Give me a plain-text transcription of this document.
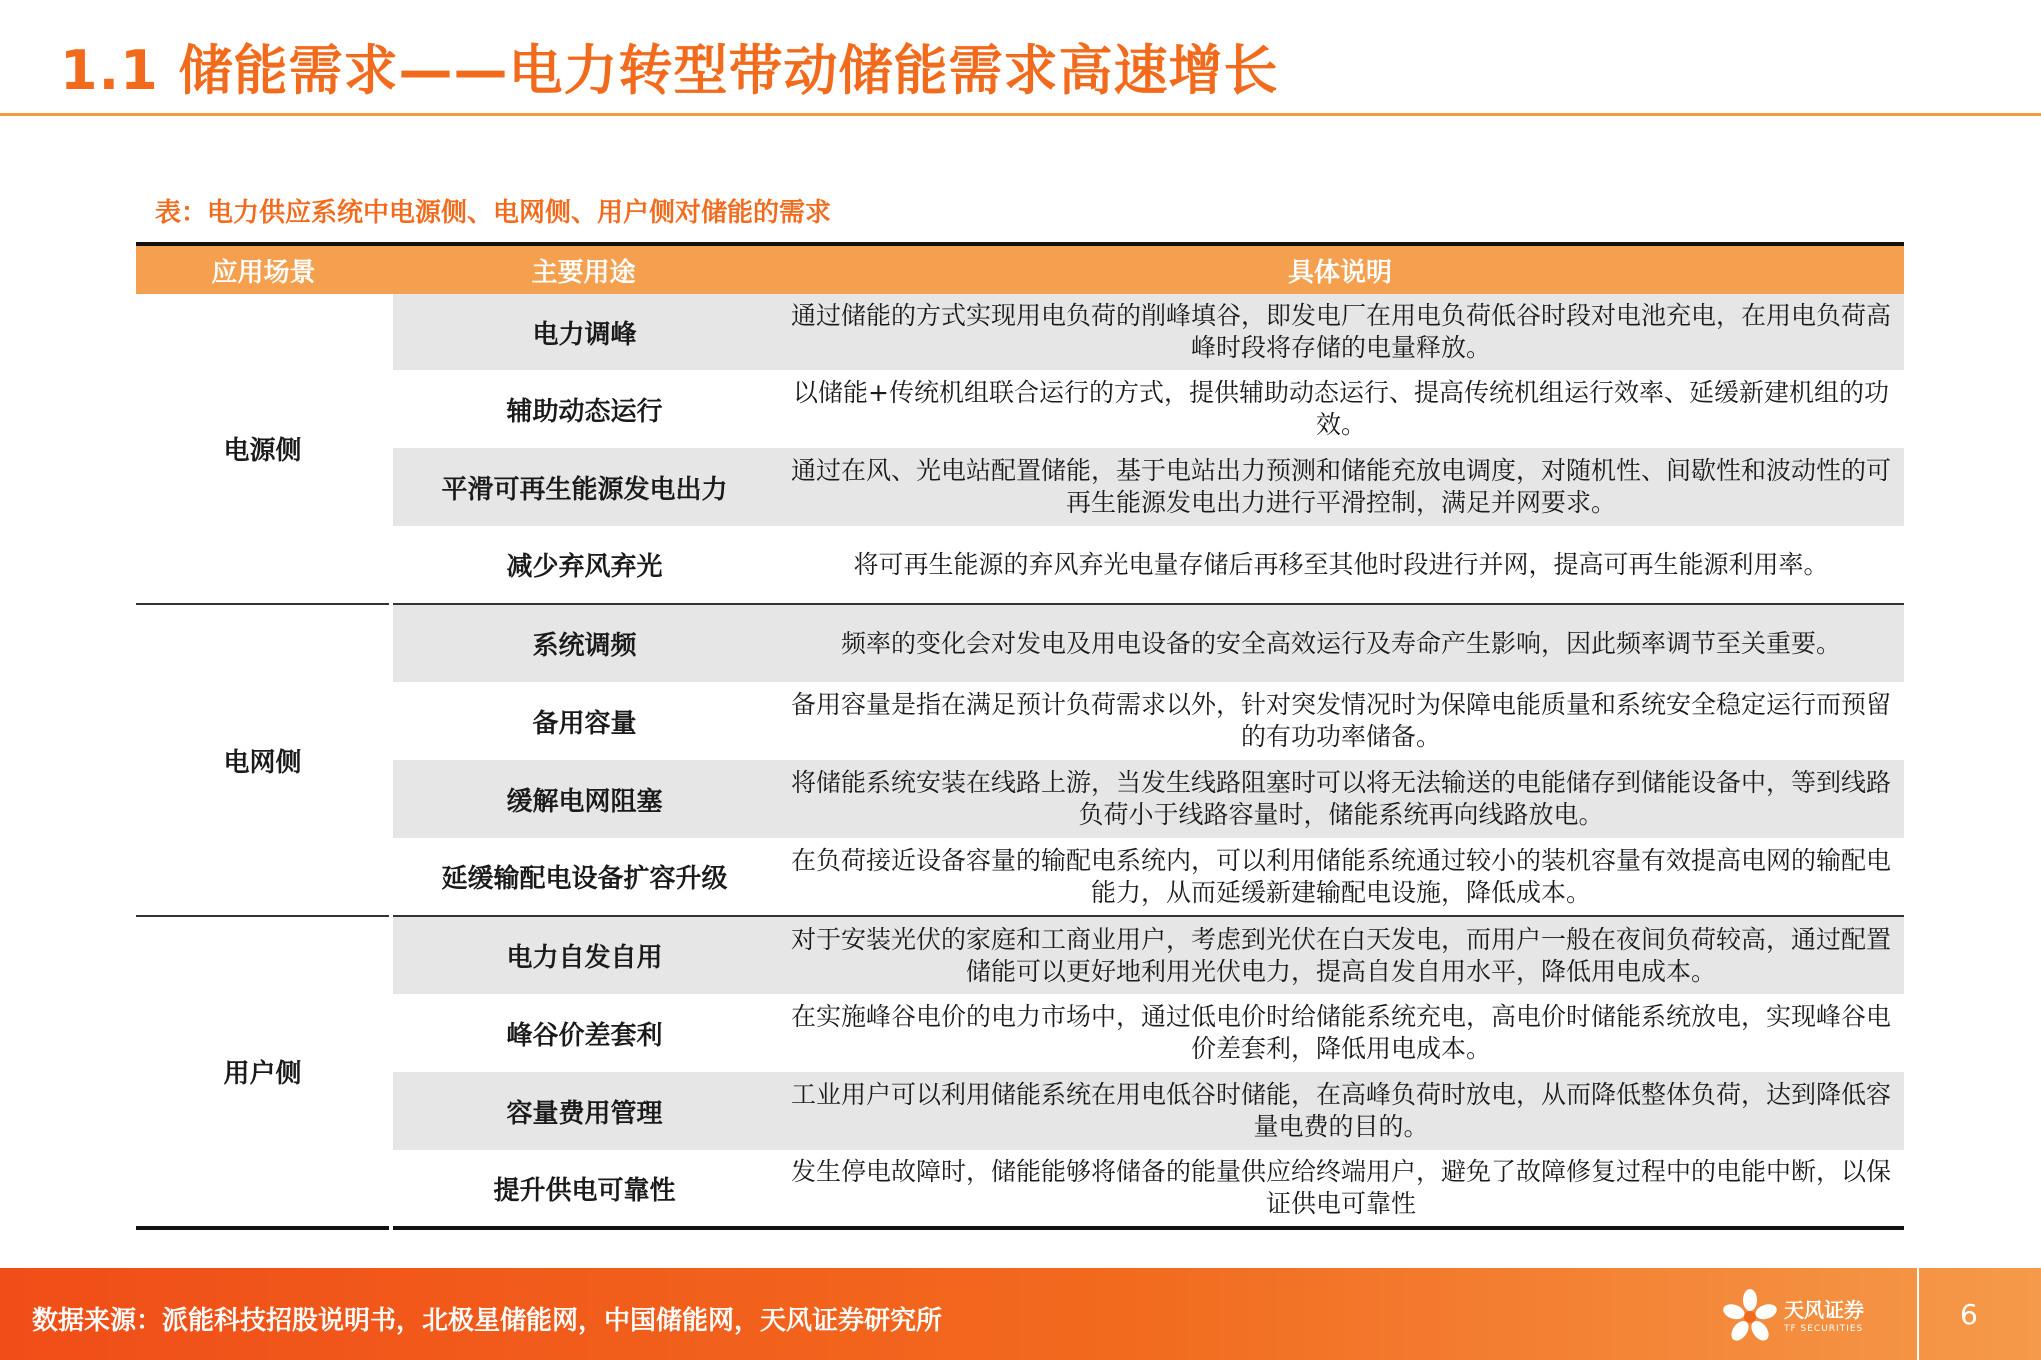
1.1 储能需求——电力转型带动储能需求高速增长
表：电力供应系统中电源侧、电网侧、用户侧对储能的需求
应用场景	主要用途	具体说明
电源侧	电力调峰	通过储能的方式实现用电负荷的削峰填谷，即发电厂在用电负荷低谷时段对电池充电，在用电负荷高峰时段将存储的电量释放。
	辅助动态运行	以储能+传统机组联合运行的方式，提供辅助动态运行、提高传统机组运行效率、延缓新建机组的功效。
	平滑可再生能源发电出力	通过在风、光电站配置储能，基于电站出力预测和储能充放电调度，对随机性、间歇性和波动性的可再生能源发电出力进行平滑控制，满足并网要求。
	减少弃风弃光	将可再生能源的弃风弃光电量存储后再移至其他时段进行并网，提高可再生能源利用率。
电网侧	系统调频	频率的变化会对发电及用电设备的安全高效运行及寿命产生影响，因此频率调节至关重要。
	备用容量	备用容量是指在满足预计负荷需求以外，针对突发情况时为保障电能质量和系统安全稳定运行而预留的有功功率储备。
	缓解电网阻塞	将储能系统安装在线路上游，当发生线路阻塞时可以将无法输送的电能储存到储能设备中，等到线路负荷小于线路容量时，储能系统再向线路放电。
	延缓输配电设备扩容升级	在负荷接近设备容量的输配电系统内，可以利用储能系统通过较小的装机容量有效提高电网的输配电能力，从而延缓新建输配电设施，降低成本。
用户侧	电力自发自用	对于安装光伏的家庭和工商业用户，考虑到光伏在白天发电，而用户一般在夜间负荷较高，通过配置储能可以更好地利用光伏电力，提高自发自用水平，降低用电成本。
	峰谷价差套利	在实施峰谷电价的电力市场中，通过低电价时给储能系统充电，高电价时储能系统放电，实现峰谷电价差套利，降低用电成本。
	容量费用管理	工业用户可以利用储能系统在用电低谷时储能，在高峰负荷时放电，从而降低整体负荷，达到降低容量电费的目的。
	提升供电可靠性	发生停电故障时，储能能够将储备的能量供应给终端用户，避免了故障修复过程中的电能中断，以保证供电可靠性
数据来源：派能科技招股说明书，北极星储能网，中国储能网，天风证券研究所	天风证券
TF SECURITIES	6
